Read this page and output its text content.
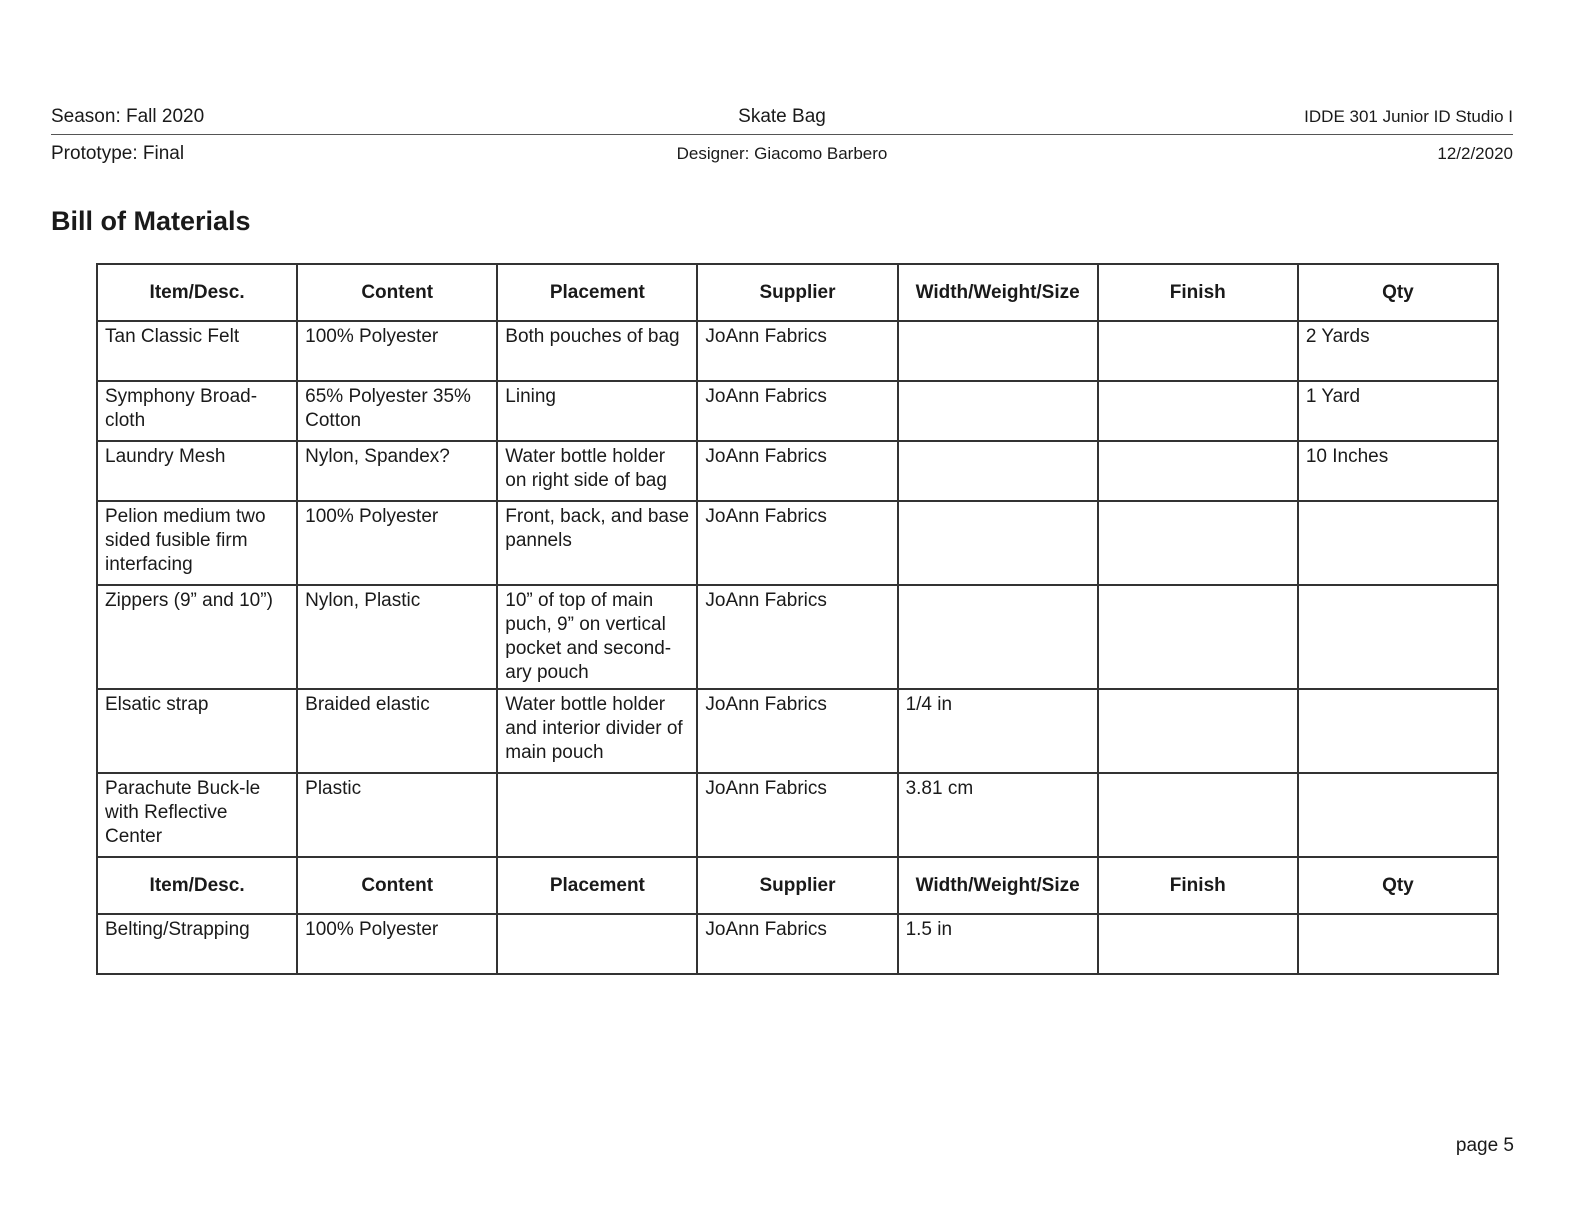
Season: Fall 2020	Skate Bag	IDDE 301 Junior ID Studio I
Prototype: Final	Designer: Giacomo Barbero	12/2/2020
Bill of Materials
Item/Desc.	Content	Placement	Supplier	Width/Weight/Size	Finish	Qty
Tan Classic Felt	100% Polyester	Both pouches of bag	JoAnn Fabrics			2 Yards
Symphony Broad-cloth	65% Polyester 35% Cotton	Lining	JoAnn Fabrics			1 Yard
Laundry Mesh	Nylon, Spandex?	Water bottle holder on right side of bag	JoAnn Fabrics			10 Inches
Pelion medium two sided fusible firm interfacing	100% Polyester	Front, back, and base pannels	JoAnn Fabrics			
Zippers (9” and 10”)	Nylon, Plastic	10” of top of main puch, 9” on vertical pocket and second-ary pouch	JoAnn Fabrics			
Elsatic strap	Braided elastic	Water bottle holder and interior divider of main pouch	JoAnn Fabrics	1/4 in		
Parachute Buck-le with Reflective Center	Plastic		JoAnn Fabrics	3.81 cm		
Item/Desc.	Content	Placement	Supplier	Width/Weight/Size	Finish	Qty
Belting/Strapping	100% Polyester		JoAnn Fabrics	1.5 in		
page 5
